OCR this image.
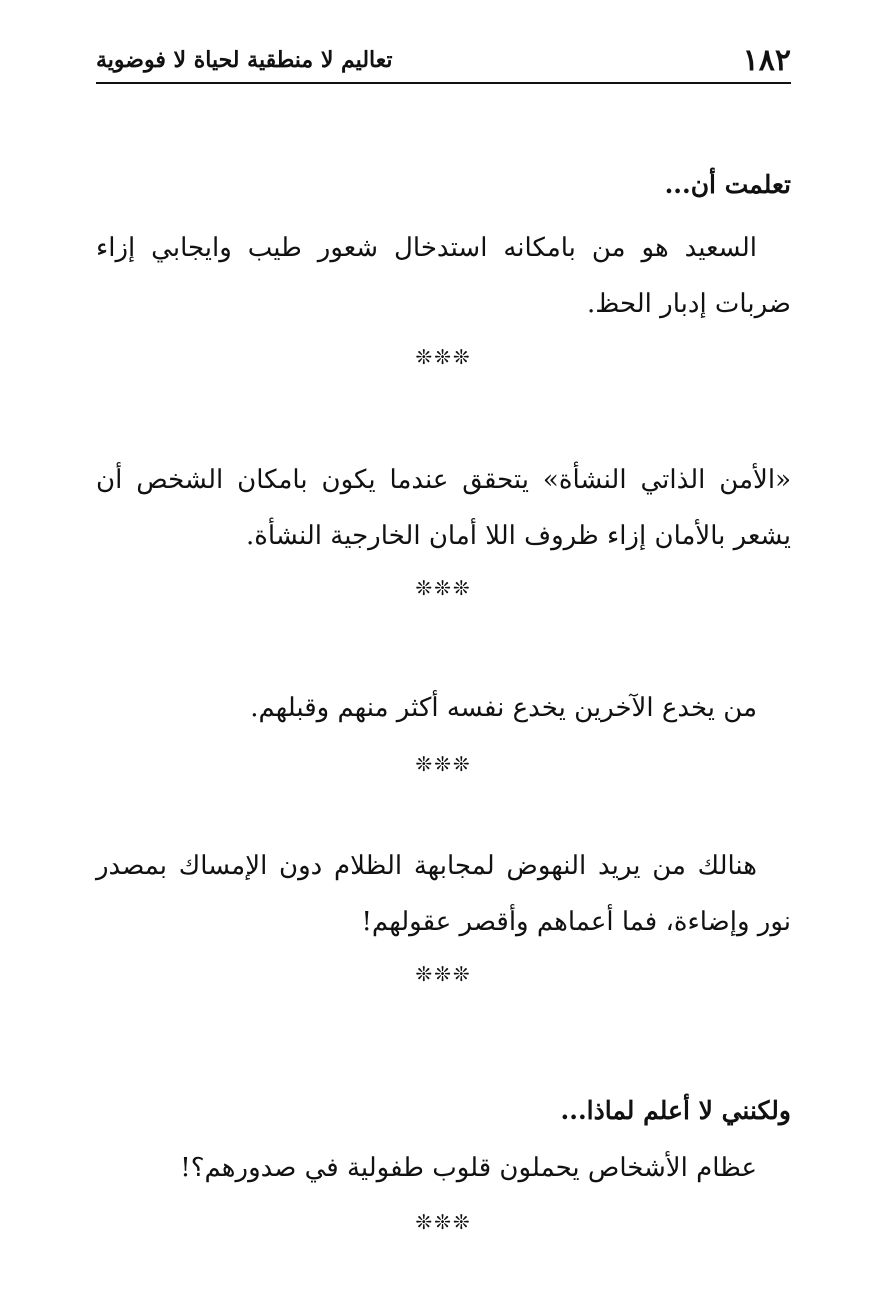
١٨٢
تعاليم لا منطقية لحياة لا فوضوية
تعلمت أن...
السعيد هو من بامكانه استدخال شعور طيب وايجابي إزاء ضربات إدبار الحظ.
❊❊❊
«الأمن الذاتي النشأة» يتحقق عندما يكون بامكان الشخص أن يشعر بالأمان إزاء ظروف اللا أمان الخارجية النشأة.
❊❊❊
من يخدع الآخرين يخدع نفسه أكثر منهم وقبلهم.
❊❊❊
هنالك من يريد النهوض لمجابهة الظلام دون الإمساك بمصدر نور وإضاءة، فما أعماهم وأقصر عقولهم!
❊❊❊
ولكنني لا أعلم لماذا...
عظام الأشخاص يحملون قلوب طفولية في صدورهم؟!
❊❊❊
